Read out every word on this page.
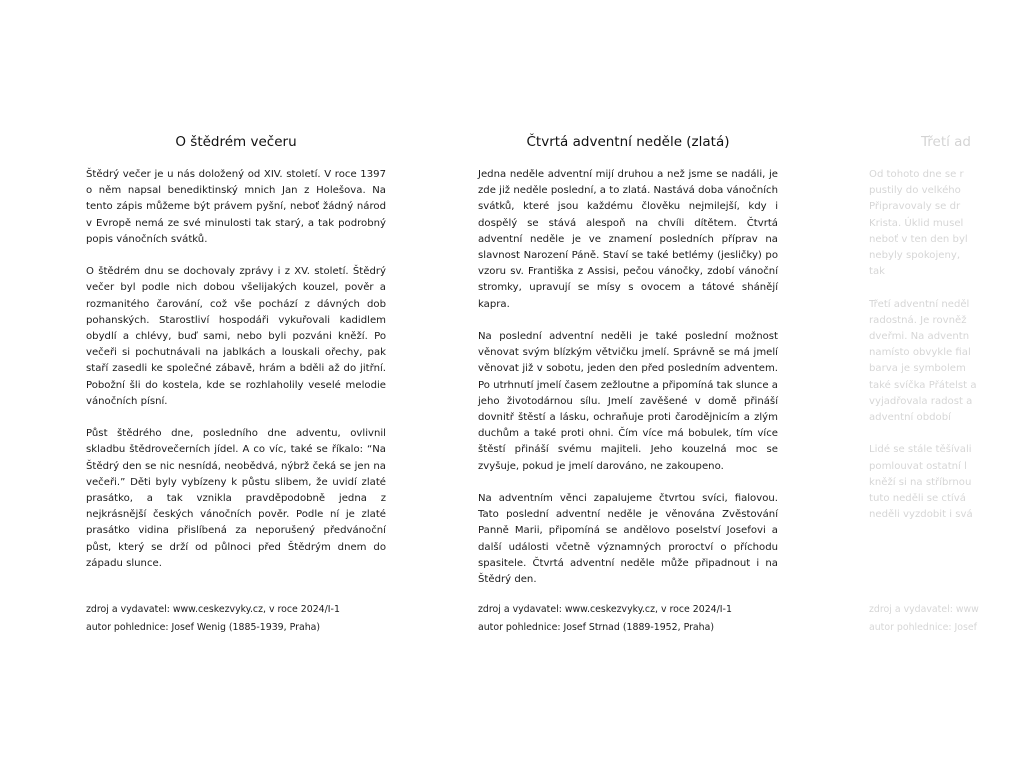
O štědrém večeru

Štědrý večer je u nás doložený od XIV. století. V roce 1397 o něm napsal benediktinský mnich Jan z Holešova. Na tento zápis můžeme být právem pyšní, neboť žádný národ v Evropě nemá ze své minulosti tak starý, a tak podrobný popis vánočních svátků.

O štědrém dnu se dochovaly zprávy i z XV. století. Štědrý večer byl podle nich dobou všelijakých kouzel, pověr a rozmanitého čarování, což vše pochází z dávných dob pohanských. Starostliví hospodáři vykuřovali kadidlem obydlí a chlévy, buď sami, nebo byli pozváni kněží. Po večeři si pochutnávali na jablkách a louskali ořechy, pak staří zasedli ke společné zábavě, hrám a bděli až do jitřní. Pobožní šli do kostela, kde se rozhlaholily veselé melodie vánočních písní.

Půst štědrého dne, posledního dne adventu, ovlivnil skladbu štědrovečerních jídel. A co víc, také se říkalo: “Na Štědrý den se nic nesnídá, neobědvá, nýbrž čeká se jen na večeři.” Děti byly vybízeny k půstu slibem, že uvidí zlaté prasátko, a tak vznikla pravděpodobně jedna z nejkrásnější českých vánočních pověr. Podle ní je zlaté prasátko vidina přislíbená za neporušený předvánoční půst, který se drží od půlnoci před Štědrým dnem do západu slunce.

zdroj a vydavatel: www.ceskezvyky.cz, v roce 2024/I-1
autor pohlednice: Josef Wenig (1885-1939, Praha)
Čtvrtá adventní neděle (zlatá)

Jedna neděle adventní mijí druhou a než jsme se nadáli, je zde již neděle poslední, a to zlatá. Nastává doba vánočních svátků, které jsou každému člověku nejmilejší, kdy i dospělý se stává alespoň na chvíli dítětem. Čtvrtá adventní neděle je ve znamení posledních příprav na slavnost Narození Páně. Staví se také betlémy (jesličky) po vzoru sv. Františka z Assisi, pečou vánočky, zdobí vánoční stromky, upravují se mísy s ovocem a tátové shánějí kapra.

Na poslední adventní neděli je také poslední možnost věnovat svým blízkým větvičku jmelí. Správně se má jmelí věnovat již v sobotu, jeden den před posledním adventem. Po utrhnutí jmelí časem zežloutne a připomíná tak slunce a jeho životodárnou sílu. Jmelí zavěšené v domě přináší dovnitř štěstí a lásku, ochraňuje proti čarodějnicím a zlým duchům a také proti ohni. Čím více má bobulek, tím více štěstí přináší svému majiteli. Jeho kouzelná moc se zvyšuje, pokud je jmelí darováno, ne zakoupeno.

Na adventním věnci zapalujeme čtvrtou svíci, fialovou. Tato poslední adventní neděle je věnována Zvěstování Panně Marii, připomíná se andělovo poselství Josefovi a další události včetně významných proroctví o příchodu spasitele. Čtvrtá adventní neděle může připadnout i na Štědrý den.

zdroj a vydavatel: www.ceskezvyky.cz, v roce 2024/I-1
autor pohlednice: Josef Strnad (1889-1952, Praha)
Třetí ad

Od tohoto dne se r pustily do velkého Připravovaly se dr Krista. Úklid musel neboť v ten den byl nebyly spokojeny, tak

Třetí adventní neděl radostná. Je rovněž dveřmi. Na adventn namísto obvykle fial barva je symbolem také svíčka Přátelst a vyjadřovala radost a adventní období

Lidé se stále těšívali pomlouvat ostatní l kněží si na stříbrnou tuto neděli se ctívá neděli vyzdobit i svá

zdroj a vydavatel: www
autor pohlednice: Josef
